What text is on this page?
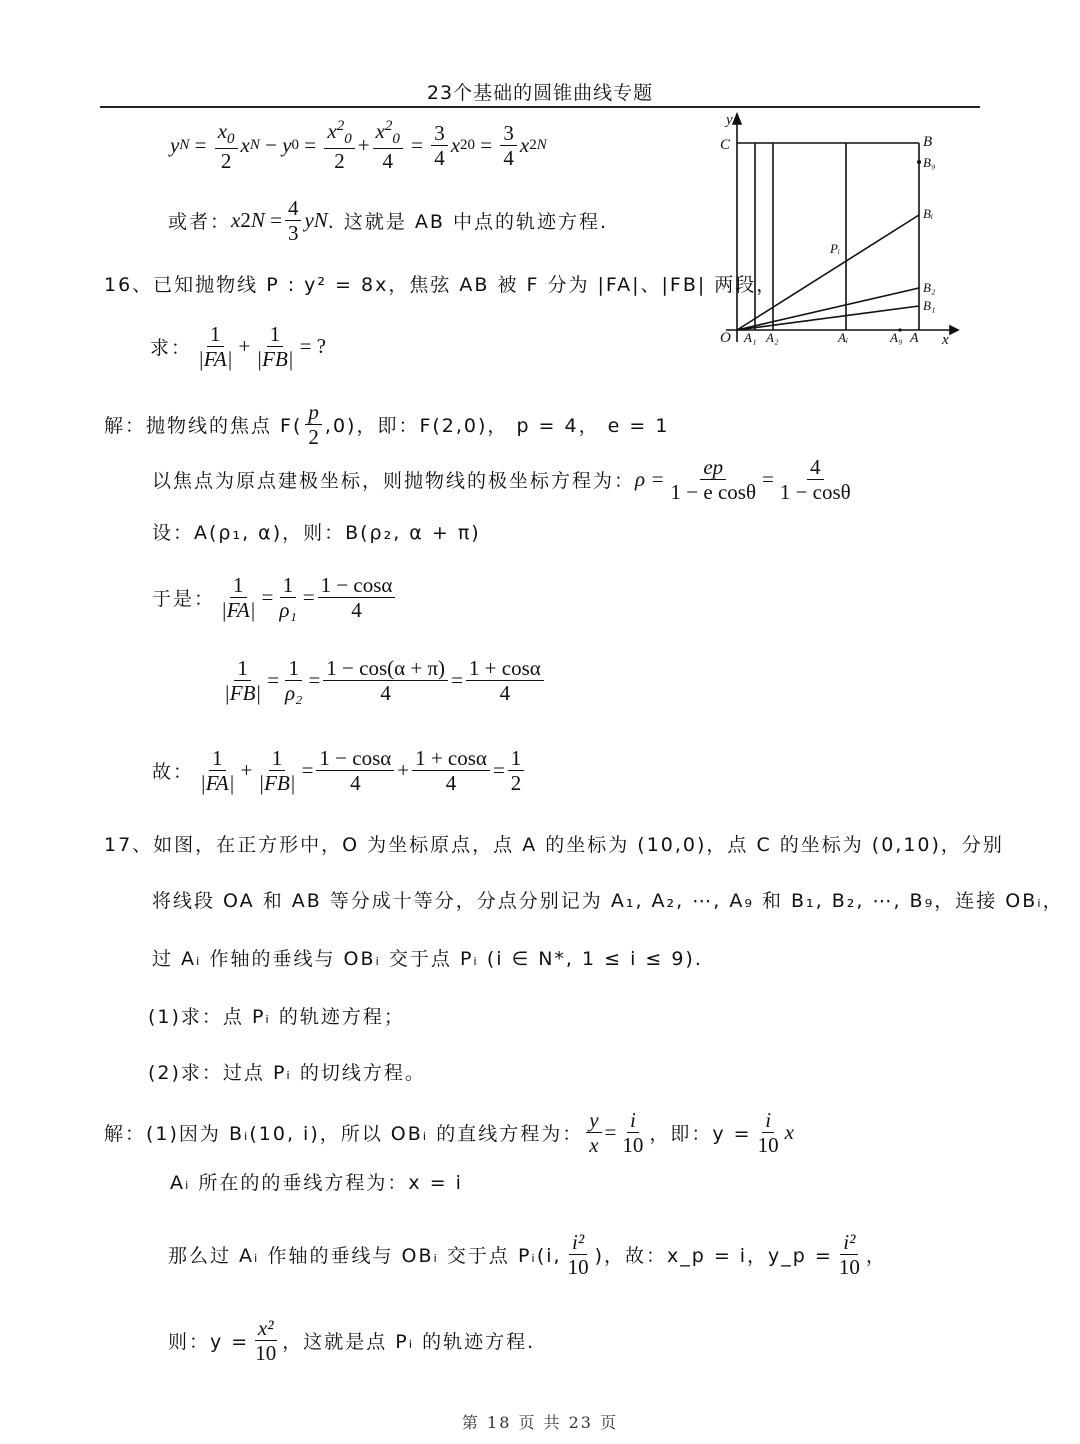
23个基础的圆锥曲线专题
y $N = \frac{x_0}{2}$ x N
−
y 0
=
$\frac{x^2_0}{2} + \frac{x^2_0}{4}$
=
$\frac{3}{4}$ x 2 0
=
$\frac{3}{4}$ x 2 N
或者： x 2 N
= $\frac{4}{3}$ y N . 这就是 AB 中点的轨迹方程.
16、已知抛物线 P : y² = 8x，焦弦 AB 被 F 分为 |FA|、|FB| 两段，
求： $\frac{1}{|FA|} + \frac{1}{|FB|}$ = ?
解： 抛物线的焦点 $F( \frac{p}{2} ,0)$，即：F(2,0)， p = 4， e = 1
以焦点为原点建极坐标，则抛物线的极坐标方程为： $\rho = \frac{ep}{\text{1 − e cosθ}} = \frac{4}{1 - \cos\theta}$
设：A(ρ₁, α)，则：B(ρ₂, α + π)
于是： $\frac{1}{|FA|} = \frac{1}{\text{ρ₁}} = \frac{1 - \cos\alpha}{4}$
$\frac{1}{|FB|} = \frac{1}{\text{ρ₂}} = \frac{1 - \cos(\alpha + \pi)}{4} = \frac{1 + \cos\alpha}{4}$
故： $\frac{1}{|FA|} + \frac{1}{|FB|} = \frac{1 - \cos\alpha}{4} + \frac{1 + \cos\alpha}{4} = \frac{1}{2}$
17、如图，在正方形中，O 为坐标原点，点 A 的坐标为 (10,0)，点 C 的坐标为 (0,10)，分别
将线段 OA 和 AB 等分成十等分，分点分别记为 A₁, A₂, ⋯, A₉ 和 B₁, B₂, ⋯, B₉，连接 OBᵢ，
过 Aᵢ 作轴的垂线与 OBᵢ 交于点 Pᵢ (i ∈ N*, 1 ≤ i ≤ 9).
(1)求：点 Pᵢ 的轨迹方程；
(2)求：过点 Pᵢ 的切线方程。
解：(1)因为 Bᵢ(10, i)，所以 OBᵢ 的直线方程为： $\frac{y}{x} = \frac{i}{10}$ ，即：$y = \frac{i}{10}$ x
Aᵢ 所在的的垂线方程为：x = i
那么过 Aᵢ 作轴的垂线与 OBᵢ 交于点 Pᵢ(i, $\frac{\text{i²}}{10}$ )，故：x_p = i，y_p = $\frac{\text{i²}}{10}$ ，
则：$y = \frac{\text{x²}}{10}$ ，这就是点 Pᵢ 的轨迹方程.
y
C	B
B₉
Bᵢ
B₂
B₁
Pᵢ
O A₁ A₂	Aᵢ	A₉ A x
第 18 页 共 23 页
